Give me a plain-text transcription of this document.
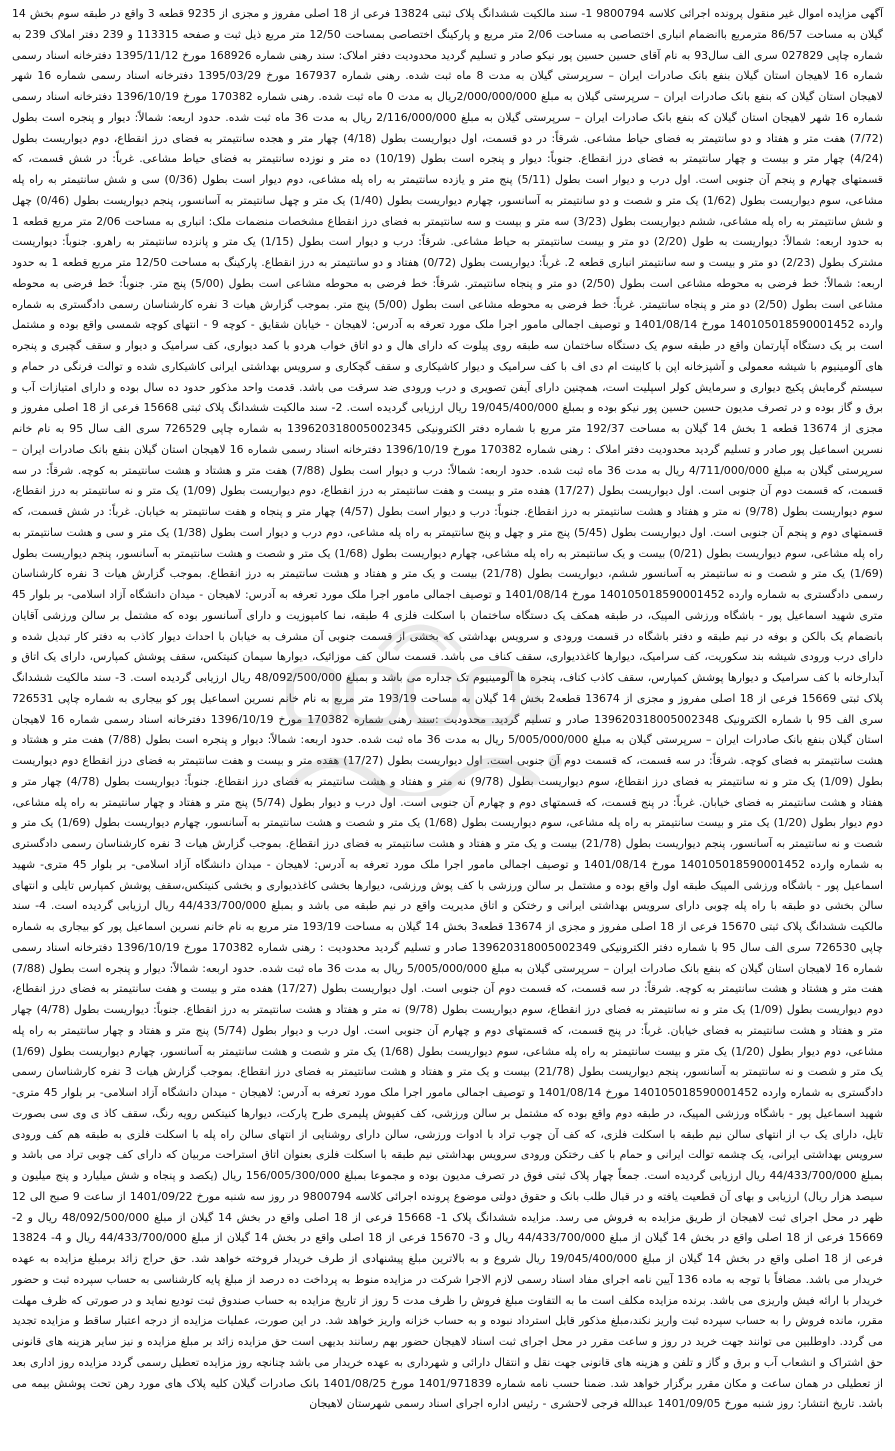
آگهی مزایده اموال غیر منقول پرونده اجرائی کلاسه 9800794 1- سند مالکیت ششدانگ پلاک ثبتی 13824 فرعی از 18 اصلی مفروز و مجزی از 9235 قطعه 3 واقع در طبقه سوم بخش 14 گیلان به مساحت 86/57 مترمربع باانضمام انباری اختصاصی به مساحت 2/06 متر مربع و پارکینگ اختصاصی بمساحت 12/50 متر مربع ذیل ثبت و صفحه 113315 و 239 دفتر املاک 239 به شماره چاپی 027829 سری الف سال93 به نام آقای حسین حسین پور نیکو صادر و تسلیم گردید محدودیت دفتر املاک: سند رهنی شماره 168926 مورخ 1395/11/12 دفترخانه اسناد رسمی شماره 16 لاهیجان استان گیلان بنفع بانک صادرات ایران – سرپرستی گیلان به مدت 8 ماه ثبت شده. رهنی شماره 167937 مورخ 1395/03/29 دفترخانه اسناد رسمی شماره 16 شهر لاهیجان استان گیلان که بنفع بانک صادرات ایران – سرپرستی گیلان به مبلغ 2/000/000/000ریال به مدت 0 ماه ثبت شده. رهنی شماره 170382 مورخ 1396/10/19 دفترخانه اسناد رسمی شماره 16 شهر لاهیجان استان گیلان که بنفع بانک صادرات ایران – سرپرستی گیلان به مبلغ 2/116/000/000 ریال به مدت 36 ماه ثبت شده. حدود اربعه: شمالاً: دیوار و پنجره است بطول (7/72) هفت متر و هفتاد و دو سانتیمتر به فضای حیاط مشاعی. شرقاً: در دو قسمت، اول دیواریست بطول (4/18) چهار متر و هجده سانتیمتر به فضای درز انقطاع، دوم دیواریست بطول (4/24) چهار متر و بیست و چهار سانتیمتر به فضای درز انقطاع. جنوباً: دیوار و پنجره است بطول (10/19) ده متر و نوزده سانتیمتر به فضای حیاط مشاعی. غرباً: در شش قسمت، که قسمتهای چهارم و پنجم آن جنوبی است. اول درب و دیوار است بطول (5/11) پنج متر و یازده سانتیمتر به راه پله مشاعی، دوم دیوار است بطول (0/36) سی و شش سانتیمتر به راه پله مشاعی، سوم دیواریست بطول (1/62) یک متر و شصت و دو سانتیمتر به آسانسور، چهارم دیواریست بطول (1/40) یک متر و چهل سانتیمتر به آسانسور، پنجم دیواریست بطول (0/46) چهل و شش سانتیمتر به راه پله مشاعی، ششم دیواریست بطول (3/23) سه متر و بیست و سه سانتیمتر به فضای درز انقطاع مشخصات منضمات ملک: انباری به مساحت 2/06 متر مربع قطعه 1 به حدود اربعه: شمالاً: دیواریست به طول (2/20) دو متر و بیست سانتیمتر به حیاط مشاعی. شرقاً: درب و دیوار است بطول (1/15) یک متر و پانزده سانتیمتر به راهرو. جنوباً: دیواریست مشترک بطول (2/23) دو متر و بیست و سه سانتیمتر انباری قطعه 2. غرباً: دیواریست بطول (0/72) هفتاد و دو سانتیمتر به درز انقطاع. پارکینگ به مساحت 12/50 متر مربع قطعه 1 به حدود اربعه: شمالاً: خط فرضی به محوطه مشاعی است بطول (2/50) دو متر و پنجاه سانتیمتر. شرقاً: خط فرضی به محوطه مشاعی است بطول (5/00) پنج متر. جنوباً: خط فرضی به محوطه مشاعی است بطول (2/50) دو متر و پنجاه سانتیمتر. غرباً: خط فرضی به محوطه مشاعی است بطول (5/00) پنج متر. بموجب گزارش هیات 3 نفره کارشناسان رسمی دادگستری به شماره وارده 140105018590001452 مورخ 1401/08/14 و توصیف اجمالی مامور اجرا ملک مورد تعرفه به آدرس: لاهیجان - خیابان شقایق - کوچه 9 - انتهای کوچه شمسی واقع بوده و مشتمل است بر یک دستگاه آپارتمان واقع در طبقه سوم یک دستگاه ساختمان سه طبقه روی پیلوت که دارای هال و دو اتاق خواب هردو با کمد دیواری، کف سرامیک و دیوار و سقف گچبری و پنجره های آلومینیوم با شیشه معمولی و آشپزخانه اپن با کابینت ام دی اف با کف سرامیک و دیوار کاشیکاری و سقف گچکاری و سرویس بهداشتی ایرانی کاشیکاری شده و توالت فرنگی در حمام و سیستم گرمایش پکیج دیواری و سرمایش کولر اسپلیت است، همچنین دارای آیفن تصویری و درب ورودی ضد سرقت می باشد. قدمت واحد مذکور حدود ده سال بوده و دارای امتیازات آب و برق و گاز بوده و در تصرف مدیون حسین حسین پور نیکو بوده و بمبلغ 19/045/400/000 ریال ارزیابی گردیده است. 2- سند مالکیت ششدانگ پلاک ثبتی 15668 فرعی از 18 اصلی مفروز و مجزی از 13674 قطعه 1 بخش 14 گیلان به مساحت 192/37 متر مربع با شماره دفتر الکترونیکی 139620318005002345 به شماره چاپی 726529 سری الف سال 95 به نام خانم نسرین اسماعیل پور صادر و تسلیم گردید محدودیت دفتر املاک : رهنی شماره 170382 مورخ 1396/10/19 دفترخانه اسناد رسمی شماره 16 لاهیجان استان گیلان بنفع بانک صادرات ایران – سرپرستی گیلان به مبلغ 4/711/000/000 ریال به مدت 36 ماه ثبت شده. حدود اربعه: شمالاً: درب و دیوار است بطول (7/88) هفت متر و هشتاد و هشت سانتیمتر به کوچه. شرقاً: در سه قسمت، که قسمت دوم آن جنوبی است. اول دیواریست بطول (17/27) هفده متر و بیست و هفت سانتیمتر به درز انقطاع، دوم دیواریست بطول (1/09) یک متر و نه سانتیمتر به درز انقطاع، سوم دیواریست بطول (9/78) نه متر و هفتاد و هشت سانتیمتر به درز انقطاع. جنوباً: درب و دیوار است بطول (4/57) چهار متر و پنجاه و هفت سانتیمتر به خیابان. غرباً: در شش قسمت، که قسمتهای دوم و پنجم آن جنوبی است. اول دیواریست بطول (5/45) پنج متر و چهل و پنج سانتیمتر به راه پله مشاعی، دوم درب و دیوار است بطول (1/38) یک متر و سی و هشت سانتیمتر به راه پله مشاعی، سوم دیواریست بطول (0/21) بیست و یک سانتیمتر به راه پله مشاعی، چهارم دیواریست بطول (1/68) یک متر و شصت و هشت سانتیمتر به آسانسور، پنجم دیواریست بطول (1/69) یک متر و شصت و نه سانتیمتر به آسانسور ششم، دیواریست بطول (21/78) بیست و یک متر و هفتاد و هشت سانتیمتر به درز انقطاع. بموجب گزارش هیات 3 نفره کارشناسان رسمی دادگستری به شماره وارده 140105018590001452 مورخ 1401/08/14 و توصیف اجمالی مامور اجرا ملک مورد تعرفه به آدرس: لاهیجان - میدان دانشگاه آزاد اسلامی- بر بلوار 45 متری شهید اسماعیل پور - باشگاه ورزشی المپیک، در طبقه همکف یک دستگاه ساختمان با اسکلت فلزی 4 طبقه، نما کامپوزیت و دارای آسانسور بوده که مشتمل بر سالن ورزشی آقایان بانضمام یک بالکن و بوفه در نیم طبقه و دفتر باشگاه در قسمت ورودی و سرویس بهداشتی که بخشی از قسمت جنوبی آن مشرف به خیابان با احداث دیوار کاذب به دفتر کار تبدیل شده و دارای درب ورودی شیشه بند سکوریت، کف سرامیک، دیوارها کاغذدیواری، سقف کناف می باشد. قسمت سالن کف موزائیک، دیوارها سیمان کنیتکس، سقف پوشش کمپارس، دارای یک اتاق و آبدارخانه با کف سرامیک و دیوارها پوشش کمپارس، سقف کاذب کناف، پنجره ها آلومینیوم تک جداره می باشد و بمبلغ 48/092/500/000 ریال ارزیابی گردیده است. 3- سند مالکیت ششدانگ پلاک ثبتی 15669 فرعی از 18 اصلی مفروز و مجزی از 13674 قطعه2 بخش 14 گیلان به مساحت 193/19 متر مربع به نام خانم نسرین اسماعیل پور کو بیجاری به شماره چاپی 726531 سری الف 95 با شماره الکترونیک 139620318005002348 صادر و تسلیم گردید. محدودیت :سند رهنی شماره 170382 مورخ 1396/10/19 دفترخانه اسناد رسمی شماره 16 لاهیجان استان گیلان بنفع بانک صادرات ایران – سرپرستی گیلان به مبلغ 5/005/000/000 ریال به مدت 36 ماه ثبت شده. حدود اربعه: شمالاً: دیوار و پنجره است بطول (7/88) هفت متر و هشتاد و هشت سانتیمتر به فضای کوچه. شرقاً: در سه قسمت، که قسمت دوم آن جنوبی است. اول دیواریست بطول (17/27) هفده متر و بیست و هفت سانتیمتر به فضای درز انقطاع دوم دیواریست بطول (1/09) یک متر و نه سانتیمتر به فضای درز انقطاع، سوم دیواریست بطول (9/78) نه متر و هفتاد و هشت سانتیمتر به فضای درز انقطاع. جنوباً: دیواریست بطول (4/78) چهار متر و هفتاد و هشت سانتیمتر به فضای خیابان. غرباً: در پنج قسمت، که قسمتهای دوم و چهارم آن جنوبی است. اول درب و دیوار بطول (5/74) پنج متر و هفتاد و چهار سانتیمتر به راه پله مشاعی، دوم دیوار بطول (1/20) یک متر و بیست سانتیمتر به راه پله مشاعی، سوم دیواریست بطول (1/68) یک متر و شصت و هشت سانتیمتر به آسانسور، چهارم دیواریست بطول (1/69) یک متر و شصت و نه سانتیمتر به آسانسور، پنجم دیواریست بطول (21/78) بیست و یک متر و هفتاد و هشت سانتیمتر به فضای درز انقطاع. بموجب گزارش هیات 3 نفره کارشناسان رسمی دادگستری به شماره وارده 140105018590001452 مورخ 1401/08/14 و توصیف اجمالی مامور اجرا ملک مورد تعرفه به آدرس: لاهیجان - میدان دانشگاه آزاد اسلامی- بر بلوار 45 متری- شهید اسماعیل پور - باشگاه ورزشی المپیک طبقه اول واقع بوده و مشتمل بر سالن ورزشی با کف پوش ورزشی، دیوارها بخشی کاغذدیواری و بخشی کنیتکس،سقف پوشش کمپارس تایلی و انتهای سالن بخشی دو طبقه با راه پله چوبی دارای سرویس بهداشتی ایرانی و رختکن و اتاق مدیریت واقع در نیم طبقه می باشد و بمبلغ 44/433/700/000 ریال ارزیابی گردیده است. 4- سند مالکیت ششدانگ پلاک ثبتی 15670 فرعی از 18 اصلی مفروز و مجزی از 13674 قطعه3 بخش 14 گیلان به مساحت 193/19 متر مربع به نام خانم نسرین اسماعیل پور کو بیجاری به شماره چاپی 726530 سری الف سال 95 با شماره دفتر الکترونیکی 139620318005002349 صادر و تسلیم گردید محدودیت : رهنی شماره 170382 مورخ 1396/10/19 دفترخانه اسناد رسمی شماره 16 لاهیجان استان گیلان که بنفع بانک صادرات ایران – سرپرستی گیلان به مبلغ 5/005/000/000 ریال به مدت 36 ماه ثبت شده. حدود اربعه: شمالاً: دیوار و پنجره است بطول (7/88) هفت متر و هشتاد و هشت سانتیمتر به کوچه. شرقاً: در سه قسمت، که قسمت دوم آن جنوبی است. اول دیواریست بطول (17/27) هفده متر و بیست و هفت سانتیمتر به فضای درز انقطاع، دوم دیواریست بطول (1/09) یک متر و نه سانتیمتر به فضای درز انقطاع، سوم دیواریست بطول (9/78) نه متر و هفتاد و هشت سانتیمتر به درز انقطاع. جنوباً: دیواریست بطول (4/78) چهار متر و هفتاد و هشت سانتیمتر به فضای خیابان. غرباً: در پنج قسمت، که قسمتهای دوم و چهارم آن جنوبی است. اول درب و دیوار بطول (5/74) پنج متر و هفتاد و چهار سانتیمتر به راه پله مشاعی، دوم دیوار بطول (1/20) یک متر و بیست سانتیمتر به راه پله مشاعی، سوم دیواریست بطول (1/68) یک متر و شصت و هشت سانتیمتر به آسانسور، چهارم دیواریست بطول (1/69) یک متر و شصت و نه سانتیمتر به آسانسور، پنجم دیواریست بطول (21/78) بیست و یک متر و هفتاد و هشت سانتیمتر به فضای درز انقطاع. بموجب گزارش هیات 3 نفره کارشناسان رسمی دادگستری به شماره وارده 140105018590001452 مورخ 1401/08/14 و توصیف اجمالی مامور اجرا ملک مورد تعرفه به آدرس: لاهیجان - میدان دانشگاه آزاد اسلامی- بر بلوار 45 متری- شهید اسماعیل پور - باشگاه ورزشی المپیک، در طبقه دوم واقع بوده که مشتمل بر سالن ورزشی، کف کفپوش پلیمری طرح پارکت، دیوارها کنیتکس رویه رنگ، سقف کاذ ی وی سی بصورت تایل، دارای یک ب از انتهای سالن نیم طبقه با اسکلت فلزی، که کف آن چوب تراد با ادوات ورزشی، سالن دارای روشنایی از انتهای سالن راه پله با اسکلت فلزی به طبقه هم کف ورودی سرویس بهداشتی ایرانی، یک چشمه توالت ایرانی و حمام با کف رختکن ورودی سرویس بهداشتی نیم طبقه با اسکلت فلزی بعنوان اتاق استراحت مربیان که دارای کف چوبی تراد می باشد و بمبلغ 44/433/700/000 ریال ارزیابی گردیده است. جمعاً چهار پلاک ثبتی فوق در تصرف مدیون بوده و مجموعا بمبلغ 156/005/300/000 ریال (یکصد و پنجاه و شش میلیارد و پنج میلیون و سیصد هزار ریال) ارزیابی و بهای آن قطعیت یافته و در قبال طلب بانک و حقوق دولتی موضوع پرونده اجرائی کلاسه 9800794 در روز سه شنبه مورخ 1401/09/22 از ساعت 9 صبح الی 12 ظهر در محل اجرای ثبت لاهیجان از طریق مزایده به فروش می رسد. مزایده ششدانگ پلاک 1- 15668 فرعی از 18 اصلی واقع در بخش 14 گیلان از مبلغ 48/092/500/000 ریال و 2- 15669 فرعی از 18 اصلی واقع در بخش 14 گیلان از مبلغ 44/433/700/000 ریال و 3- 15670 فرعی از 18 اصلی واقع در بخش 14 گیلان از مبلغ 44/433/700/000 ریال و 4- 13824 فرعی از 18 اصلی واقع در بخش 14 گیلان از مبلغ 19/045/400/000 ریال شروع و به بالاترین مبلغ پیشنهادی از طرف خریدار فروخته خواهد شد. حق حراج زائد برمبلغ مزایده به عهده خریدار می باشد. مضافاً با توجه به ماده 136 آیین نامه اجرای مفاد اسناد رسمی لازم الاجرا شرکت در مزایده منوط به پرداخت ده درصد از مبلغ پایه کارشناسی به حساب سپرده ثبت و حضور خریدار با ارائه فیش واریزی می باشد. برنده مزایده مکلف است ما به التفاوت مبلغ فروش را ظرف مدت 5 روز از تاریخ مزایده به حساب صندوق ثبت تودیع نماید و در صورتی که ظرف مهلت مقرر، مانده فروش را به حساب سپرده ثبت واریز نکند،مبلغ مذکور قابل استرداد نبوده و به حساب خزانه واریز خواهد شد. در این صورت، عملیات مزایده از درجه اعتبار ساقط و مزایده تجدید می گردد. داوطلبین می توانند جهت خرید در روز و ساعت مقرر در محل اجرای ثبت اسناد لاهیجان حضور بهم رسانند بدیهی است حق مزایده زائد بر مبلغ مزایده و نیز سایر هزینه های قانونی حق اشتراک و انشعاب آب و برق و گاز و تلفن و هزینه های قانونی جهت نقل و انتقال دارائی و شهرداری به عهده خریدار می باشد چنانچه روز مزایده تعطیل رسمی گردد مزایده روز اداری بعد از تعطیلی در همان ساعت و مکان مقرر برگزار خواهد شد. ضمنا حسب نامه شماره 1401/971839 مورخ 1401/08/25 بانک صادرات گیلان کلیه پلاک های مورد رهن تحت پوشش بیمه می باشد. تاریخ انتشار: روز شنبه مورخ 1401/09/05 عبدالله فرجی لاحشری - رئیس اداره اجرای اسناد رسمی شهرستان لاهیجان
